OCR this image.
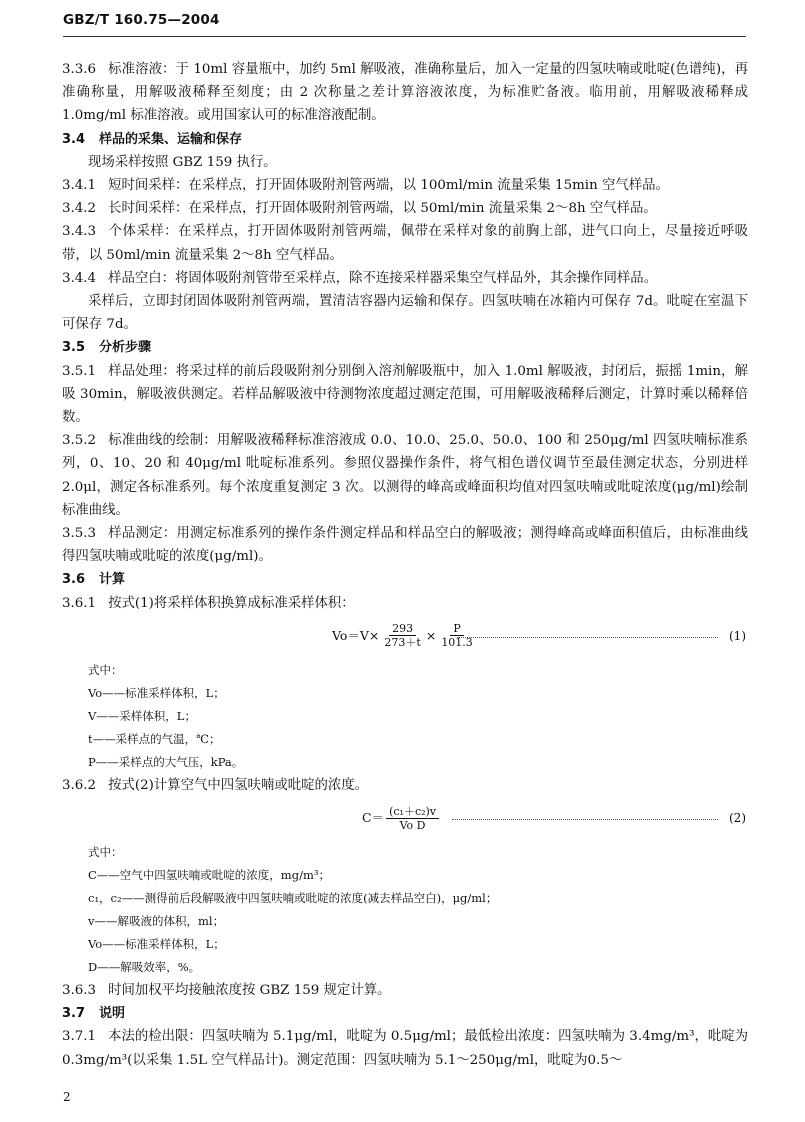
GBZ/T 160.75—2004

3.3.6 标准溶液：于 10ml 容量瓶中，加约 5ml 解吸液，准确称量后，加入一定量的四氢呋喃或吡啶(色谱纯)，再准确称量，用解吸液稀释至刻度；由 2 次称量之差计算溶液浓度，为标准贮备液。临用前，用解吸液稀释成 1.0mg/ml 标准溶液。或用国家认可的标准溶液配制。

3.4 样品的采集、运输和保存

现场采样按照 GBZ 159 执行。

3.4.1 短时间采样：在采样点，打开固体吸附剂管两端，以 100ml/min 流量采集 15min 空气样品。

3.4.2 长时间采样：在采样点，打开固体吸附剂管两端，以 50ml/min 流量采集 2～8h 空气样品。

3.4.3 个体采样：在采样点，打开固体吸附剂管两端，佩带在采样对象的前胸上部，进气口向上，尽量接近呼吸带，以 50ml/min 流量采集 2～8h 空气样品。

3.4.4 样品空白：将固体吸附剂管带至采样点，除不连接采样器采集空气样品外，其余操作同样品。

采样后，立即封闭固体吸附剂管两端，置清洁容器内运输和保存。四氢呋喃在冰箱内可保存 7d。吡啶在室温下可保存 7d。

3.5 分析步骤

3.5.1 样品处理：将采过样的前后段吸附剂分别倒入溶剂解吸瓶中，加入 1.0ml 解吸液，封闭后，振摇 1min，解吸 30min，解吸液供测定。若样品解吸液中待测物浓度超过测定范围，可用解吸液稀释后测定，计算时乘以稀释倍数。

3.5.2 标准曲线的绘制：用解吸液稀释标准溶液成 0.0、10.0、25.0、50.0、100 和 250μg/ml 四氢呋喃标准系列，0、10、20 和 40μg/ml 吡啶标准系列。参照仪器操作条件，将气相色谱仪调节至最佳测定状态，分别进样 2.0μl，测定各标准系列。每个浓度重复测定 3 次。以测得的峰高或峰面积均值对四氢呋喃或吡啶浓度(μg/ml)绘制标准曲线。

3.5.3 样品测定：用测定标准系列的操作条件测定样品和样品空白的解吸液；测得峰高或峰面积值后，由标准曲线得四氢呋喃或吡啶的浓度(μg/ml)。

3.6 计算

3.6.1 按式(1)将采样体积换算成标准采样体积：

$Vo=V\times \frac{293}{273+t} \times \frac{P}{101.3}$	(1)
式中：
Vo——标准采样体积，L；
V——采样体积，L；
t——采样点的气温，℃；
P——采样点的大气压，kPa。

3.6.2 按式(2)计算空气中四氢呋喃或吡啶的浓度。

$C= \frac{\text{(c₁＋c₂)v}}{\text{Vo D}}$	(2)
式中：
C——空气中四氢呋喃或吡啶的浓度，mg/m³；
c₁，c₂——测得前后段解吸液中四氢呋喃或吡啶的浓度(减去样品空白)，μg/ml；
v——解吸液的体积，ml；
Vo——标准采样体积，L；
D——解吸效率，%。

3.6.3 时间加权平均接触浓度按 GBZ 159 规定计算。

3.7 说明

3.7.1 本法的检出限：四氢呋喃为 5.1μg/ml，吡啶为 0.5μg/ml；最低检出浓度：四氢呋喃为 3.4mg/m³，吡啶为 0.3mg/m³(以采集 1.5L 空气样品计)。测定范围：四氢呋喃为 5.1～250μg/ml，吡啶为0.5～

2
